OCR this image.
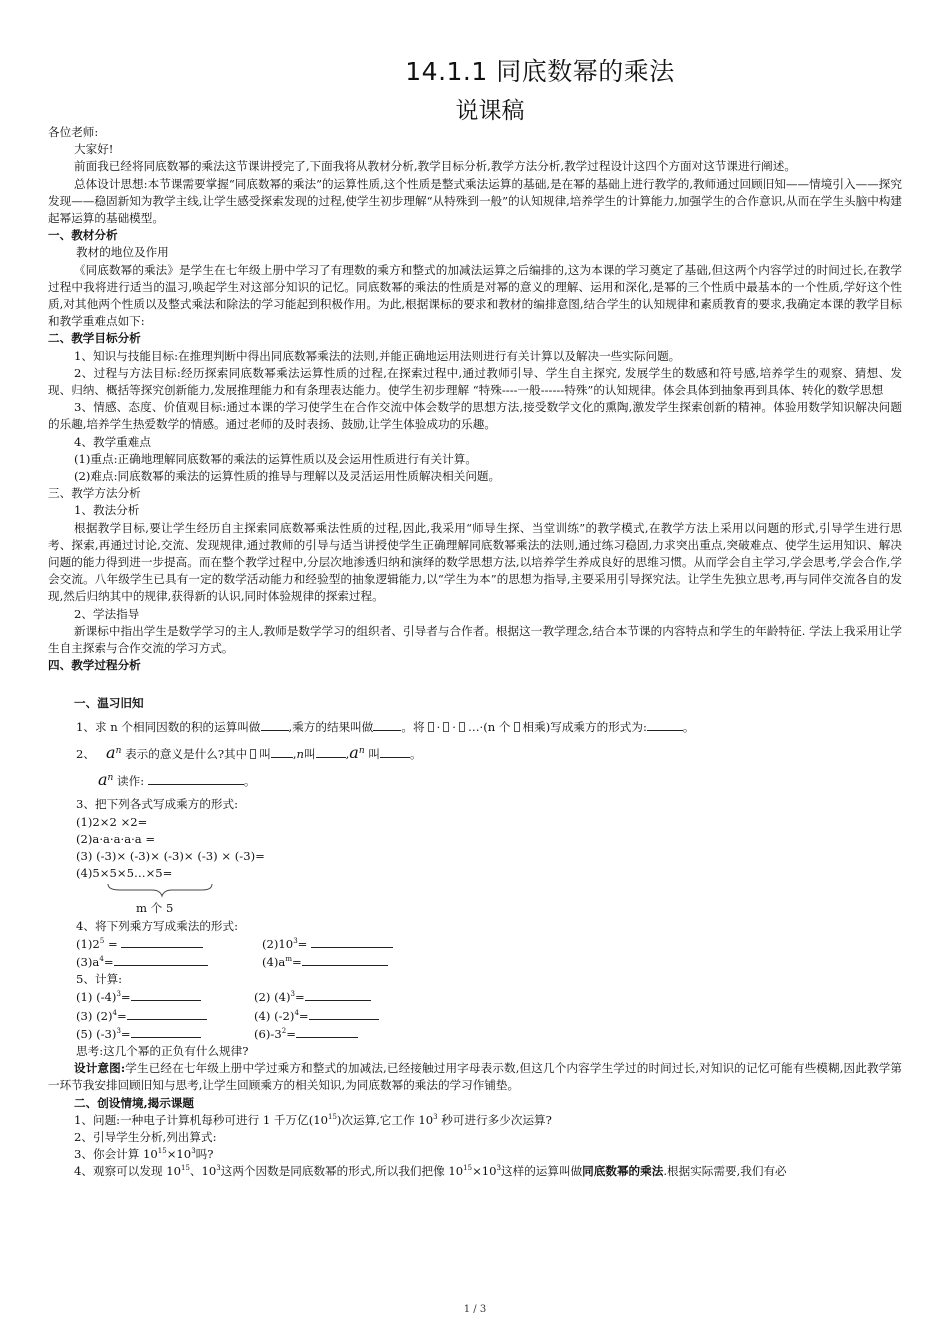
14.1.1 同底数幂的乘法
说课稿

各位老师:

大家好!

前面我已经将同底数幂的乘法这节课讲授完了,下面我将从教材分析,教学目标分析,教学方法分析,教学过程设计这四个方面对这节课进行阐述。

总体设计思想:本节课需要掌握“同底数幂的乘法”的运算性质,这个性质是整式乘法运算的基础,是在幂的基础上进行教学的,教师通过回顾旧知——情境引入——探究发现——稳固新知为教学主线,让学生感受探索发现的过程,使学生初步理解“从特殊到一般”的认知规律,培养学生的计算能力,加强学生的合作意识,从而在学生头脑中构建起幂运算的基础模型。

一、教材分析

教材的地位及作用

《同底数幂的乘法》是学生在七年级上册中学习了有理数的乘方和整式的加减法运算之后编排的,这为本课的学习奠定了基础,但这两个内容学过的时间过长,在教学过程中我将进行适当的温习,唤起学生对这部分知识的记忆。同底数幂的乘法的性质是对幂的意义的理解、运用和深化,是幂的三个性质中最基本的一个性质,学好这个性质,对其他两个性质以及整式乘法和除法的学习能起到积极作用。为此,根据课标的要求和教材的编排意图,结合学生的认知规律和素质教育的要求,我确定本课的教学目标和教学重难点如下:

二、教学目标分析

1、知识与技能目标:在推理判断中得出同底数幂乘法的法则,并能正确地运用法则进行有关计算以及解决一些实际问题。

2、过程与方法目标:经历探索同底数幂乘法运算性质的过程,在探索过程中,通过教师引导、学生自主探究, 发展学生的数感和符号感,培养学生的观察、猜想、发现、归纳、概括等探究创新能力,发展推理能力和有条理表达能力。使学生初步理解 “特殊----一般------特殊”的认知规律。体会具体到抽象再到具体、转化的数学思想

3、情感、态度、价值观目标:通过本课的学习使学生在合作交流中体会数学的思想方法,接受数学文化的熏陶,激发学生探索创新的精神。体验用数学知识解决问题的乐趣,培养学生热爱数学的情感。通过老师的及时表扬、鼓励,让学生体验成功的乐趣。

4、教学重难点

(1)重点:正确地理解同底数幂的乘法的运算性质以及会运用性质进行有关计算。

(2)难点:同底数幂的乘法的运算性质的推导与理解以及灵活运用性质解决相关问题。

三、教学方法分析

1、教法分析

根据教学目标,要让学生经历自主探索同底数幂乘法性质的过程,因此,我采用“师导生探、当堂训练”的教学模式,在教学方法上采用以问题的形式,引导学生进行思考、探索,再通过讨论,交流、发现规律,通过教师的引导与适当讲授使学生正确理解同底数幂乘法的法则,通过练习稳固,力求突出重点,突破难点、使学生运用知识、解决问题的能力得到进一步提高。而在整个教学过程中,分层次地渗透归纳和演绎的数学思想方法,以培养学生养成良好的思维习惯。从而学会自主学习,学会思考,学会合作,学会交流。八年级学生已具有一定的数学活动能力和经验型的抽象逻辑能力,以“学生为本”的思想为指导,主要采用引导探究法。让学生先独立思考,再与同伴交流各自的发现,然后归纳其中的规律,获得新的认识,同时体验规律的探索过程。

2、学法指导

新课标中指出学生是数学学习的主人,教师是数学学习的组织者、引导者与合作者。根据这一教学理念,结合本节课的内容特点和学生的年龄特征. 学法上我采用让学生自主探索与合作交流的学习方式。

四、教学过程分析

一、温习旧知

1、求 n 个相同因数的积的运算叫做 ,乘方的结果叫做 。将 · · …·(n 个 相乘)写成乘方的形式为:	。

2、 $a^n$ 表示的意义是什么?其中 叫 ,n叫	$,a^n$ 叫	。

$a^n$ 读作:	。

3、把下列各式写成乘方的形式:

(1)2×2 ×2=

(2)a·a·a·a·a =

(3) (-3)× (-3)× (-3)× (-3) × (-3)=

(4)5×5×5…×5=

m 个 5

4、将下列乘方写成乘法的形式:

$(1)2^5$ =	$(2)10^3=$
$(3)a^4=$	$(4)a^m=$

5、计算:

(1) $(-4)^3=$	(2) $(4)^3=$
(3) $(2)^4=$	(4) $(-2)^4=$
(5) $(-3)^3=$	$(6)-3^2=$

思考:这几个幂的正负有什么规律?

设计意图:学生已经在七年级上册中学过乘方和整式的加减法,已经接触过用字母表示数,但这几个内容学生学过的时间过长,对知识的记忆可能有些模糊,因此教学第一环节我安排回顾旧知与思考,让学生回顾乘方的相关知识,为同底数幂的乘法的学习作铺垫。

二、创设情境,揭示课题

1、问题:一种电子计算机每秒可进行 1 千万亿$(10^{15})$次运算,它工作 $10^3$ 秒可进行多少次运算?

2、引导学生分析,列出算式:

3、你会计算 $10^{15}\times 10^3$吗?

4、观察可以发现 $10^{15}$、$10^3$这两个因数是同底数幂的形式,所以我们把像 $10^{15}\times 10^3$这样的运算叫做同底数幂的乘法.根据实际需要,我们有必

1 / 3
